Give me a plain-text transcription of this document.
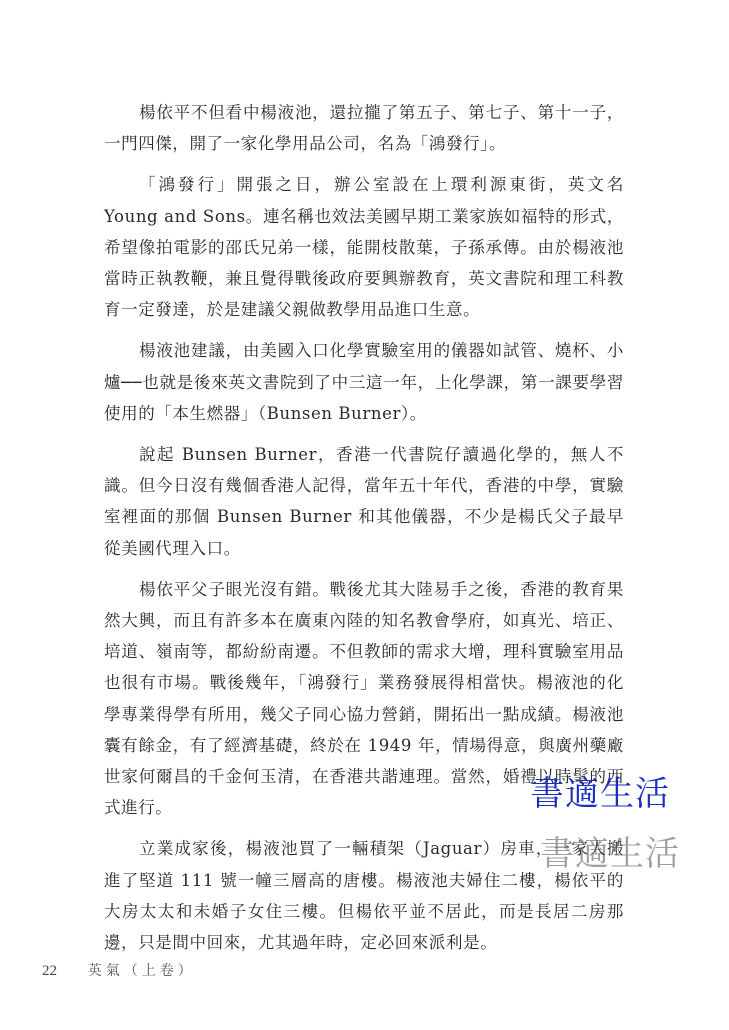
楊依平不但看中楊液池，還拉攏了第五子、第七子、第十一子，一門四傑，開了一家化學用品公司，名為「鴻發行」。

「鴻發行」開張之日，辦公室設在上環利源東街，英文名 Young and Sons。連名稱也效法美國早期工業家族如福特的形式，希望像拍電影的邵氏兄弟一樣，能開枝散葉，子孫承傳。由於楊液池當時正執教鞭，兼且覺得戰後政府要興辦教育，英文書院和理工科教育一定發達，於是建議父親做教學用品進口生意。

楊液池建議，由美國入口化學實驗室用的儀器如試管、燒杯、小爐──也就是後來英文書院到了中三這一年，上化學課，第一課要學習使用的「本生燃器」（Bunsen Burner）。

說起 Bunsen Burner，香港一代書院仔讀過化學的，無人不識。但今日沒有幾個香港人記得，當年五十年代，香港的中學，實驗室裡面的那個 Bunsen Burner 和其他儀器，不少是楊氏父子最早從美國代理入口。

楊依平父子眼光沒有錯。戰後尤其大陸易手之後，香港的教育果然大興，而且有許多本在廣東內陸的知名教會學府，如真光、培正、培道、嶺南等，都紛紛南遷。不但教師的需求大增，理科實驗室用品也很有市場。戰後幾年，「鴻發行」業務發展得相當快。楊液池的化學專業得學有所用，幾父子同心協力營銷，開拓出一點成績。楊液池囊有餘金，有了經濟基礎，終於在 1949 年，情場得意，與廣州藥廠世家何爾昌的千金何玉清，在香港共諧連理。當然，婚禮以時髦的西式進行。

立業成家後，楊液池買了一輛積架（Jaguar）房車，一家人搬進了堅道 111 號一幢三層高的唐樓。楊液池夫婦住二樓，楊依平的大房太太和未婚子女住三樓。但楊依平並不居此，而是長居二房那邊，只是間中回來，尤其過年時，定必回來派利是。

書適生活
書適生活
22 英氣（上卷）
